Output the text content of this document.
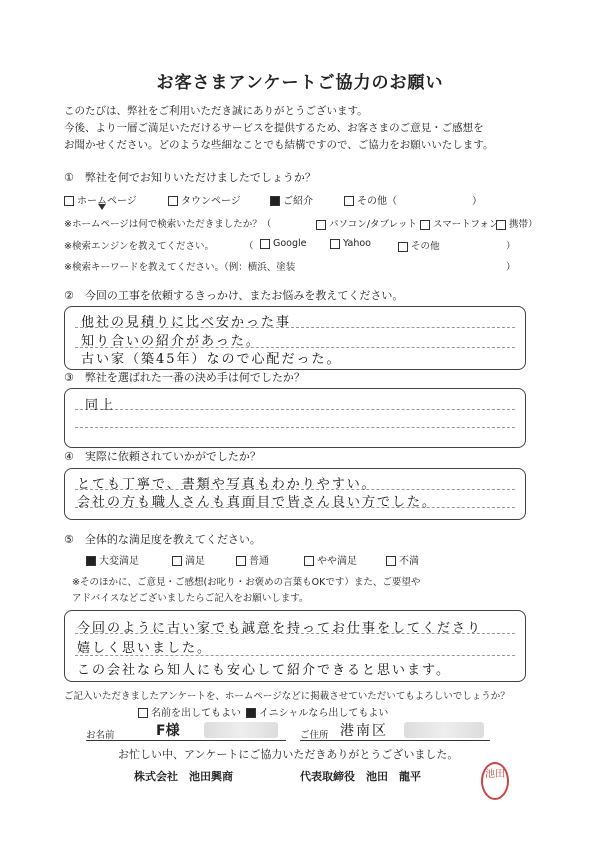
お客さまアンケートご協力のお願い
このたびは、弊社をご利用いただき誠にありがとうございます。
今後、より一層ご満足いただけるサービスを提供するため、お客さまのご意見・ご感想を
お聞かせください。どのような些細なことでも結構ですので、ご協力をお願いいたします。
①　弊社を何でお知りいただけましたでしょうか？
ホームページ	タウンページ	ご紹介	その他（	）
※ホームページは何で検索いただきましたか？（	パソコン/タブレット	スマートフォン	携帯）
※検索エンジンを教えてください。	（	Google	Yahoo	その他	）
※検索キーワードを教えてください。（例：横浜、塗装	）
②　今回の工事を依頼するきっかけ、またお悩みを教えてください。
他社の見積りに比べ安かった事
知り合いの紹介があった。
古い家（築45年）なので心配だった。
③　弊社を選ばれた一番の決め手は何でしたか？
同上
④　実際に依頼されていかがでしたか？
とても丁寧で、書類や写真もわかりやすい。
会社の方も職人さんも真面目で皆さん良い方でした。
⑤　全体的な満足度を教えてください。
大変満足	満足	普通	やや満足	不満
※そのほかに、ご意見・ご感想(お叱り・お褒めの言葉もOKです）また、ご要望や
アドバイスなどございましたらご記入をお願いします。
今回のように古い家でも誠意を持ってお仕事をしてくださり
嬉しく思いました。
この会社なら知人にも安心して紹介できると思います。
ご記入いただきましたアンケートを、ホームページなどに掲載させていただいてもよろしいでしょうか？
名前を出してもよい	イニシャルなら出してもよい
お名前	F様	ご住所 港南区
お忙しい中、アンケートにご協力いただきありがとうございました。
株式会社　池田興商	代表取締役　池田　龍平	池田
